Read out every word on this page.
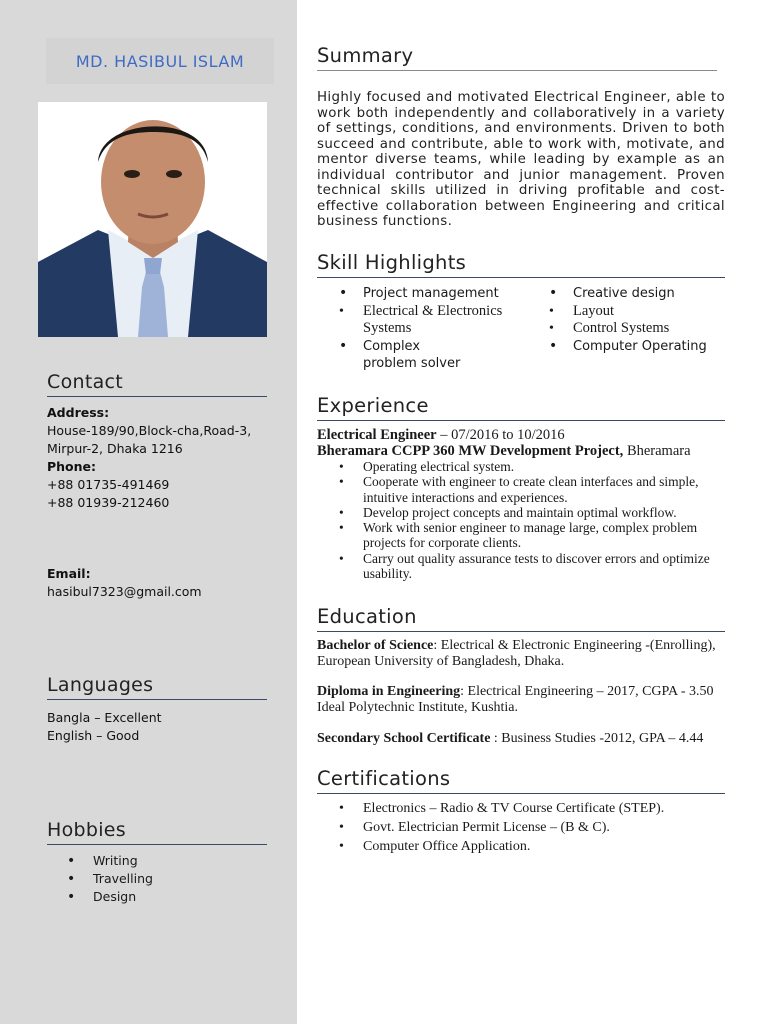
MD. HASIBUL ISLAM
Contact
Address:
House-189/90,Block-cha,Road-3,
Mirpur-2, Dhaka 1216
Phone:
+88 01735-491469
+88 01939-212460
Email:
hasibul7323@gmail.com
Languages
Bangla – Excellent
English – Good
Hobbies
• Writing
• Travelling
• Design
Summary
Highly focused and motivated Electrical Engineer, able to work both independently and collaboratively in a variety of settings, conditions, and environments. Driven to both succeed and contribute, able to work with, motivate, and mentor diverse teams, while leading by example as an individual contributor and junior management. Proven technical skills utilized in driving profitable and cost-effective collaboration between Engineering and critical business functions.
Skill Highlights
• Project management
• Electrical & Electronics Systems
• Complex problem solver
• Creative design
• Layout
• Control Systems
• Computer Operating
Experience
Electrical Engineer – 07/2016 to 10/2016
Bheramara CCPP 360 MW Development Project, Bheramara
• Operating electrical system.
• Cooperate with engineer to create clean interfaces and simple, intuitive interactions and experiences.
• Develop project concepts and maintain optimal workflow.
• Work with senior engineer to manage large, complex problem projects for corporate clients.
• Carry out quality assurance tests to discover errors and optimize usability.
Education
Bachelor of Science: Electrical & Electronic Engineering -(Enrolling), European University of Bangladesh, Dhaka.
Diploma in Engineering: Electrical Engineering – 2017, CGPA - 3.50 Ideal Polytechnic Institute, Kushtia.
Secondary School Certificate : Business Studies -2012, GPA – 4.44
Certifications
• Electronics – Radio & TV Course Certificate (STEP).
• Govt. Electrician Permit License – (B & C).
• Computer Office Application.
